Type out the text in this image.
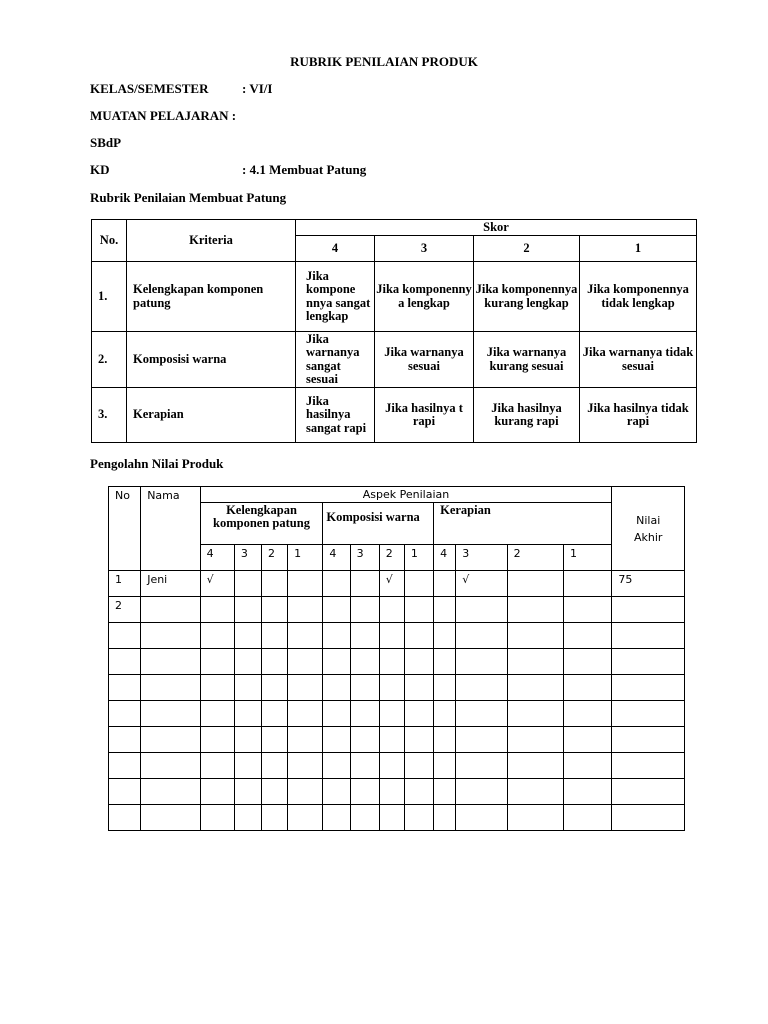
RUBRIK PENILAIAN PRODUK
KELAS/SEMESTER	: VI/I
MUATAN PELAJARAN :
SBdP
KD	: 4.1 Membuat Patung
Rubrik Penilaian Membuat Patung
No.	Kriteria	Skor			
		4	3	2	1
1.	Kelengkapan komponen patung	Jika kompone nnya sangat lengkap	Jika komponenny a lengkap	Jika komponennya kurang lengkap	Jika komponennya tidak lengkap
2.	Komposisi warna	Jika warnanya sangat sesuai	Jika warnanya sesuai	Jika warnanya kurang sesuai	Jika warnanya tidak sesuai
3.	Kerapian	Jika hasilnya sangat rapi	Jika hasilnya t rapi	Jika hasilnya kurang rapi	Jika hasilnya tidak rapi
Pengolahn Nilai Produk
No	Nama	Aspek Penilaian												Nilai
Akhir

		Kelengkapan komponen patung				Komposisi warna				Kerapian				
		4	3	2	1	4	3	2	1	4	3	2	1	
1	Jeni	√						√			√			75
2														
